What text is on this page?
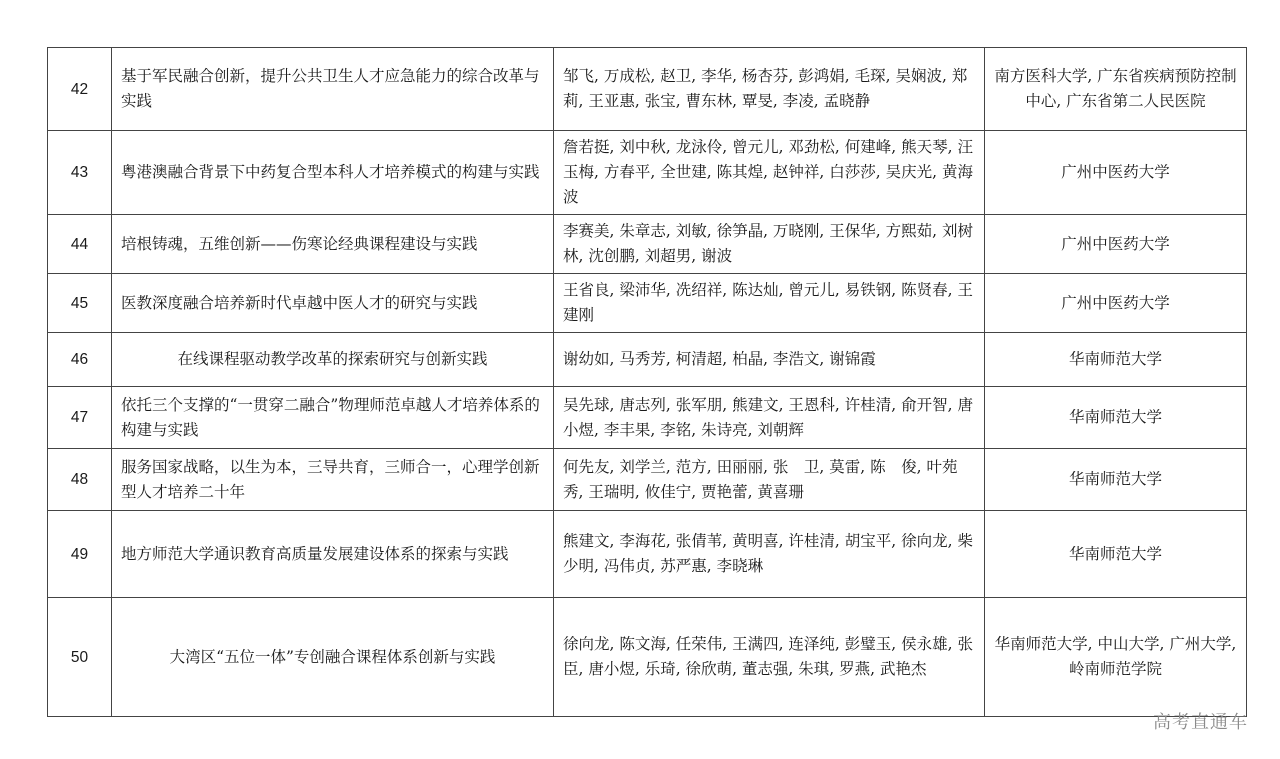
42	基于军民融合创新，提升公共卫生人才应急能力的综合改革与实践	邹飞, 万成松, 赵卫, 李华, 杨杏芬, 彭鸿娟, 毛琛, 吴娴波, 郑莉, 王亚惠, 张宝, 曹东林, 覃旻, 李凌, 孟晓静	南方医科大学, 广东省疾病预防控制中心, 广东省第二人民医院
43	粤港澳融合背景下中药复合型本科人才培养模式的构建与实践	詹若挺, 刘中秋, 龙泳伶, 曾元儿, 邓劲松, 何建峰, 熊天琴, 汪玉梅, 方春平, 全世建, 陈其煌, 赵钟祥, 白莎莎, 吴庆光, 黄海波	广州中医药大学
44	培根铸魂，五维创新——伤寒论经典课程建设与实践	李赛美, 朱章志, 刘敏, 徐笋晶, 万晓刚, 王保华, 方熙茹, 刘树林, 沈创鹏, 刘超男, 谢波	广州中医药大学
45	医教深度融合培养新时代卓越中医人才的研究与实践	王省良, 梁沛华, 冼绍祥, 陈达灿, 曾元儿, 易铁钢, 陈贤春, 王建刚	广州中医药大学
46	在线课程驱动教学改革的探索研究与创新实践	谢幼如, 马秀芳, 柯清超, 柏晶, 李浩文, 谢锦霞	华南师范大学
47	依托三个支撑的“一贯穿二融合”物理师范卓越人才培养体系的构建与实践	吴先球, 唐志列, 张军朋, 熊建文, 王恩科, 许桂清, 俞开智, 唐小煜, 李丰果, 李铭, 朱诗亮, 刘朝辉	华南师范大学
48	服务国家战略，以生为本，三导共育，三师合一，心理学创新型人才培养二十年	何先友, 刘学兰, 范方, 田丽丽, 张　卫, 莫雷, 陈　俊, 叶苑秀, 王瑞明, 攸佳宁, 贾艳蕾, 黄喜珊	华南师范大学
49	地方师范大学通识教育高质量发展建设体系的探索与实践	熊建文, 李海花, 张倩苇, 黄明喜, 许桂清, 胡宝平, 徐向龙, 柴少明, 冯伟贞, 苏严惠, 李晓琳	华南师范大学
50	大湾区“五位一体”专创融合课程体系创新与实践	徐向龙, 陈文海, 任荣伟, 王满四, 连泽纯, 彭璧玉, 侯永雄, 张臣, 唐小煜, 乐琦, 徐欣萌, 董志强, 朱琪, 罗燕, 武艳杰	华南师范大学, 中山大学, 广州大学, 岭南师范学院
高考直通车
